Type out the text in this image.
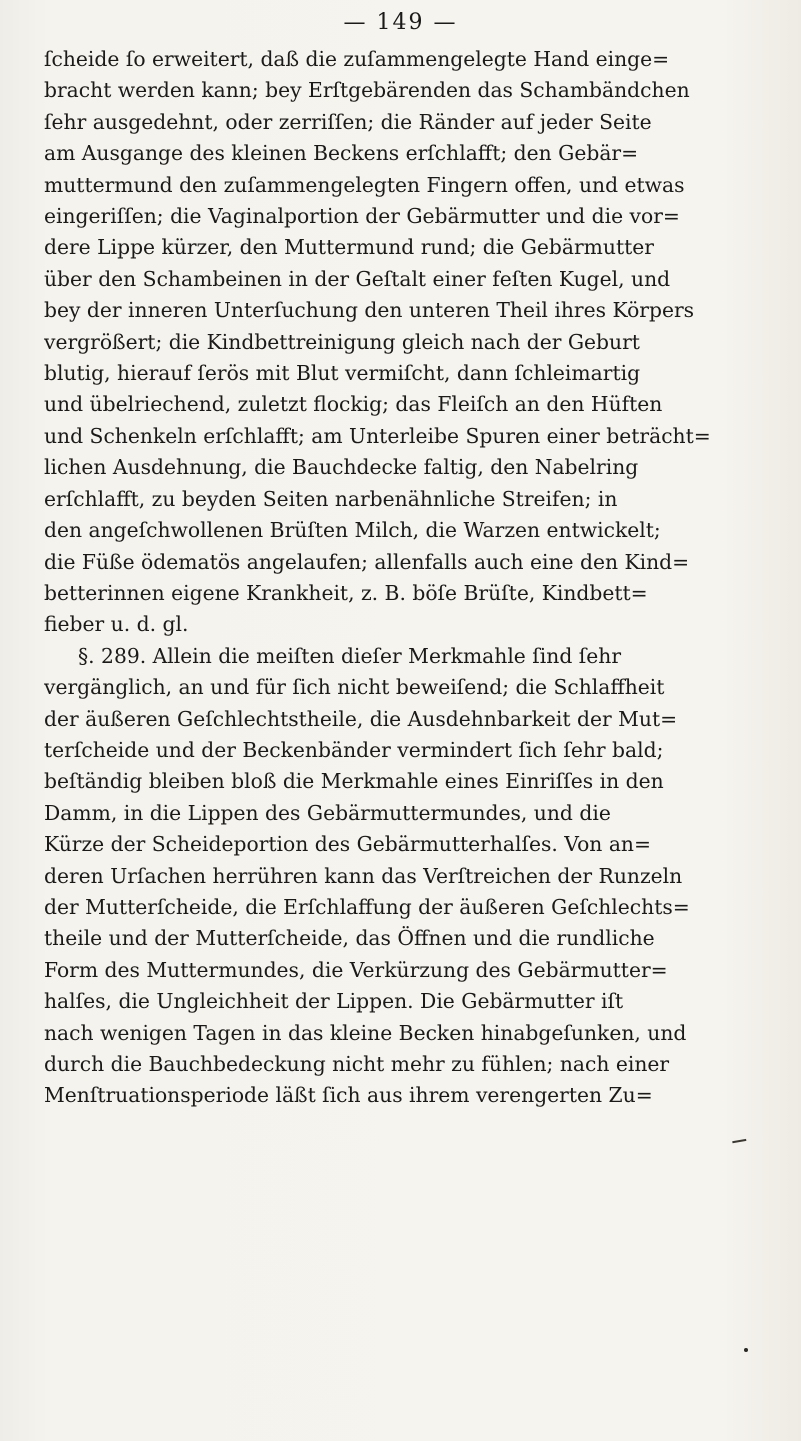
— 149 —
ſcheide ſo erweitert, daß die zuſammengelegte Hand einge=
bracht werden kann; bey Erſtgebärenden das Schambändchen
ſehr ausgedehnt, oder zerriſſen; die Ränder auf jeder Seite
am Ausgange des kleinen Beckens erſchlafft; den Gebär=
muttermund den zuſammengelegten Fingern offen, und etwas
eingeriſſen; die Vaginalportion der Gebärmutter und die vor=
dere Lippe kürzer, den Muttermund rund; die Gebärmutter
über den Schambeinen in der Geſtalt einer feſten Kugel, und
bey der inneren Unterſuchung den unteren Theil ihres Körpers
vergrößert; die Kindbettreinigung gleich nach der Geburt
blutig, hierauf ſerös mit Blut vermiſcht, dann ſchleimartig
und übelriechend, zuletzt flockig; das Fleiſch an den Hüften
und Schenkeln erſchlafft; am Unterleibe Spuren einer beträcht=
lichen Ausdehnung, die Bauchdecke faltig, den Nabelring
erſchlafft, zu beyden Seiten narbenähnliche Streifen; in
den angeſchwollenen Brüſten Milch, die Warzen entwickelt;
die Füße ödematös angelaufen; allenfalls auch eine den Kind=
betterinnen eigene Krankheit, z. B. böſe Brüſte, Kindbett=
fieber u. d. gl.
§. 289. Allein die meiſten dieſer Merkmahle ſind ſehr
vergänglich, an und für ſich nicht beweiſend; die Schlaffheit
der äußeren Geſchlechtstheile, die Ausdehnbarkeit der Mut=
terſcheide und der Beckenbänder vermindert ſich ſehr bald;
beſtändig bleiben bloß die Merkmahle eines Einriſſes in den
Damm, in die Lippen des Gebärmuttermundes, und die
Kürze der Scheideportion des Gebärmutterhalſes. Von an=
deren Urſachen herrühren kann das Verſtreichen der Runzeln
der Mutterſcheide, die Erſchlaffung der äußeren Geſchlechts=
theile und der Mutterſcheide, das Öffnen und die rundliche
Form des Muttermundes, die Verkürzung des Gebärmutter=
halſes, die Ungleichheit der Lippen. Die Gebärmutter iſt
nach wenigen Tagen in das kleine Becken hinabgeſunken, und
durch die Bauchbedeckung nicht mehr zu fühlen; nach einer
Menſtruationsperiode läßt ſich aus ihrem verengerten Zu=
